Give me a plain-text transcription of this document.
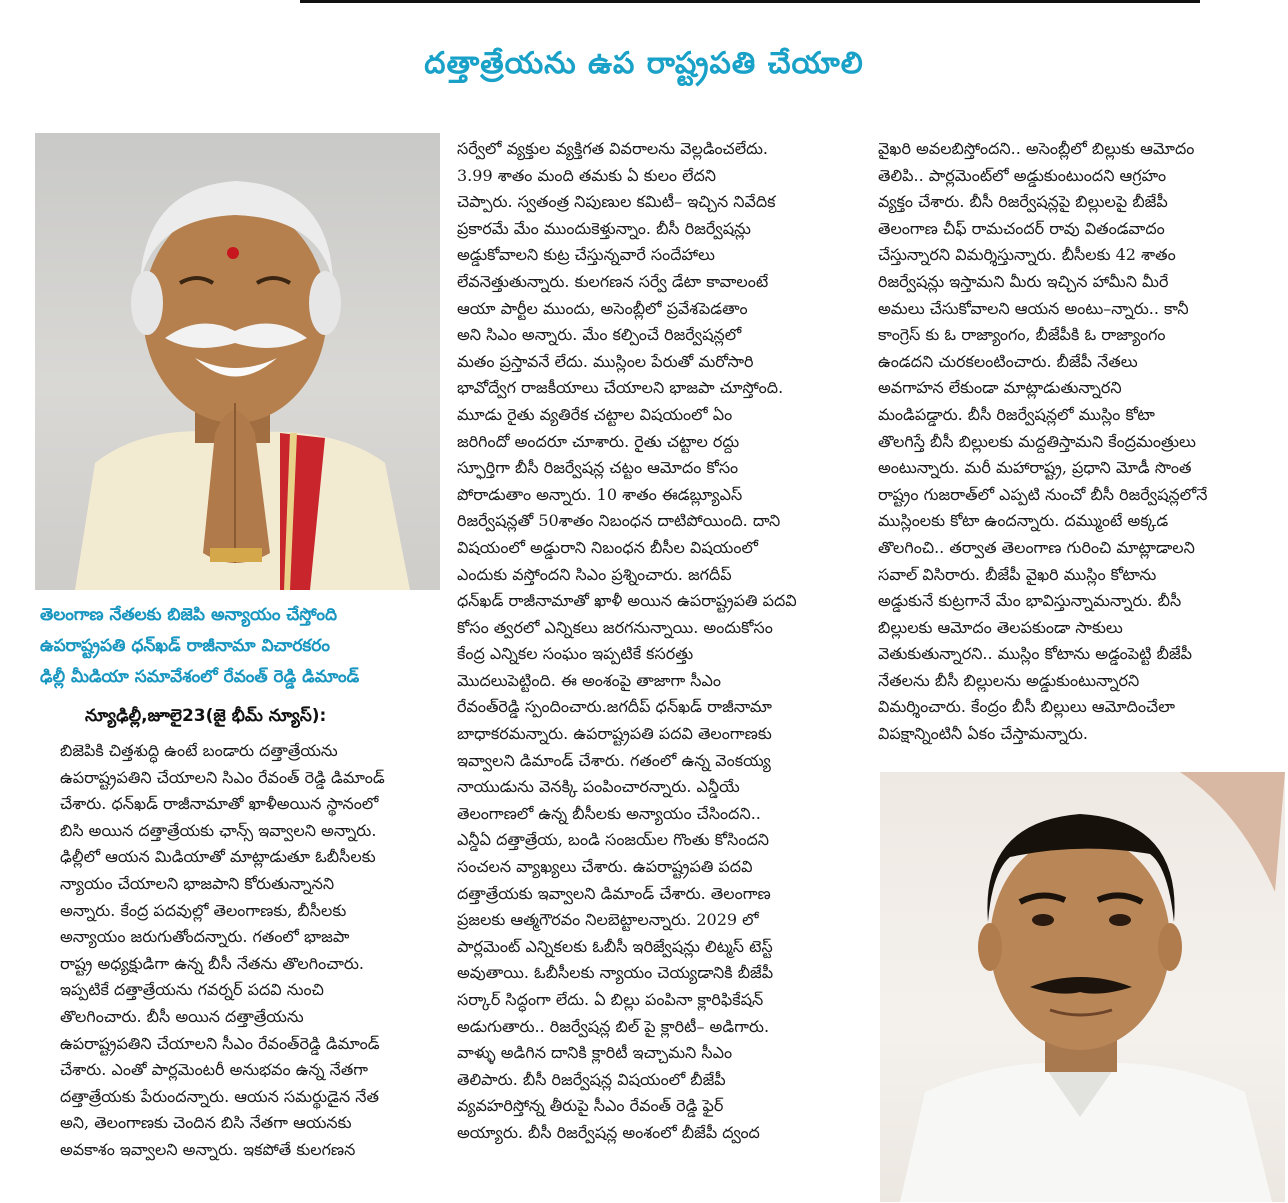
దత్తాత్రేయను ఉప రాష్ట్రపతి చేయాలి
తెలంగాణ నేతలకు బిజెపి అన్యాయం చేస్తోంది
ఉపరాష్ట్రపతి ధన్‌ఖడ్ రాజీనామా విచారకరం
ఢిల్లీ మీడియా సమావేశంలో రేవంత్ రెడ్డి డిమాండ్
న్యూఢిల్లీ,జూలై23(జై భీమ్ న్యూస్):

బిజెపికి చిత్తశుద్ధి ఉంటే బండారు దత్తాత్రేయను

ఉపరాష్ట్రపతిని చేయాలని సిఎం రేవంత్ రెడ్డి డిమాండ్

చేశారు. ధన్‌ఖడ్ రాజీనామాతో ఖాళీఅయిన స్థానంలో

బిసి అయిన దత్తాత్రేయకు ఛాన్స్ ఇవ్వాలని అన్నారు.

ఢిల్లీలో ఆయన మిడియాతో మాట్లాడుతూ ఓబీసీలకు

న్యాయం చేయాలని భాజపాని కోరుతున్నానని

అన్నారు. కేంద్ర పదవుల్లో తెలంగాణకు, బీసీలకు

అన్యాయం జరుగుతోందన్నారు. గతంలో భాజపా

రాష్ట్ర అధ్యక్షుడిగా ఉన్న బీసీ నేతను తొలగించారు.

ఇప్పటికే దత్తాత్రేయను గవర్నర్ పదవి నుంచి

తొలగించారు. బీసీ అయిన దత్తాత్రేయను

ఉపరాష్ట్రపతిని చేయాలని సీఎం రేవంత్‌రెడ్డి డిమాండ్

చేశారు. ఎంతో పార్లమెంటరీ అనుభవం ఉన్న నేతగా

దత్తాత్రేయకు పేరుందన్నారు. ఆయన సమర్థుడైన నేత

అని, తెలంగాణకు చెందిన బిసి నేతగా ఆయనకు

అవకాశం ఇవ్వాలని అన్నారు. ఇకపోతే కులగణన

సర్వేలో వ్యక్తుల వ్యక్తిగత వివరాలను వెల్లడించలేదు.

3.99 శాతం మంది తమకు ఏ కులం లేదని

చెప్పారు. స్వతంత్ర నిపుణుల కమిటీ– ఇచ్చిన నివేదిక

ప్రకారమే మేం ముందుకెళ్తున్నాం. బీసీ రిజర్వేషన్లు

అడ్డుకోవాలని కుట్ర చేస్తున్నవారే సందేహాలు

లేవనెత్తుతున్నారు. కులగణన సర్వే డేటా కావాలంటే

ఆయా పార్టీల ముందు, అసెంబ్లీలో ప్రవేశపెడతాం

అని సిఎం అన్నారు. మేం కల్పించే రిజర్వేషన్లలో

మతం ప్రస్తావనే లేదు. ముస్లింల పేరుతో మరోసారి

భావోద్వేగ రాజకీయాలు చేయాలని భాజపా చూస్తోంది.

మూడు రైతు వ్యతిరేక చట్టాల విషయంలో ఏం

జరిగిందో అందరూ చూశారు. రైతు చట్టాల రద్దు

స్ఫూర్తిగా బీసీ రిజర్వేషన్ల చట్టం ఆమోదం కోసం

పోరాడుతాం అన్నారు. 10 శాతం ఈడబ్ల్యూఎస్

రిజర్వేషన్లతో 50శాతం నిబంధన దాటిపోయింది. దాని

విషయంలో అడ్డురాని నిబంధన బీసీల విషయంలో

ఎందుకు వస్తోందని సిఎం ప్రశ్నించారు. జగదీప్

ధన్‌ఖడ్ రాజీనామాతో ఖాళీ అయిన ఉపరాష్ట్రపతి పదవి

కోసం త్వరలో ఎన్నికలు జరగనున్నాయి. అందుకోసం

కేంద్ర ఎన్నికల సంఘం ఇప్పటికే కసరత్తు

మొదలుపెట్టింది. ఈ అంశంపై తాజాగా సీఎం

రేవంత్‌రెడ్డి స్పందించారు.జగదీప్ ధన్‌ఖడ్ రాజీనామా

బాధాకరమన్నారు. ఉపరాష్ట్రపతి పదవి తెలంగాణకు

ఇవ్వాలని డిమాండ్ చేశారు. గతంలో ఉన్న వెంకయ్య

నాయుడును వెనక్కి పంపించారన్నారు. ఎన్డీయే

తెలంగాణలో ఉన్న బీసీలకు అన్యాయం చేసిందని..

ఎన్డీఏ దత్తాత్రేయ, బండి సంజయ్‌ల గొంతు కోసిందని

సంచలన వ్యాఖ్యలు చేశారు. ఉపరాష్ట్రపతి పదవి

దత్తాత్రేయకు ఇవ్వాలని డిమాండ్ చేశారు. తెలంగాణ

ప్రజలకు ఆత్మగౌరవం నిలబెట్టాలన్నారు. 2029 లో

పార్లమెంట్ ఎన్నికలకు ఓబీసీ ఇరిజ్వేషన్లు లిట్మస్ టెస్ట్

అవుతాయి. ఓబీసీలకు న్యాయం చెయ్యడానికి బీజేపీ

సర్కార్ సిద్ధంగా లేదు. ఏ బిల్లు పంపినా క్లారిఫికేషన్

అడుగుతారు.. రిజర్వేషన్ల బిల్ పై క్లారిటీ– అడిగారు.

వాళ్ళు అడిగిన దానికి క్లారిటీ ఇచ్చామని సీఎం

తెలిపారు. బీసీ రిజర్వేషన్ల విషయంలో బీజేపీ

వ్యవహరిస్తోన్న తీరుపై సీఎం రేవంత్ రెడ్డి ఫైర్

అయ్యారు. బీసీ రిజర్వేషన్ల అంశంలో బీజేపీ ద్వంద

వైఖరి అవలబిస్తోందని.. అసెంబ్లీలో బిల్లుకు ఆమోదం

తెలిపి.. పార్లమెంట్‌లో అడ్డుకుంటుందని ఆగ్రహం

వ్యక్తం చేశారు. బీసీ రిజర్వేషన్లపై బిల్లులపై బీజేపీ

తెలంగాణ చీఫ్ రామచందర్ రావు వితండవాదం

చేస్తున్నారని విమర్శిస్తున్నారు. బీసీలకు 42 శాతం

రిజర్వేషన్లు ఇస్తామని మీరు ఇచ్చిన హామీని మీరే

అమలు చేసుకోవాలని ఆయన అంటు–న్నారు.. కానీ

కాంగ్రెస్ కు ఓ రాజ్యాంగం, బీజేపీకి ఓ రాజ్యాంగం

ఉండదని చురకలంటించారు. బీజేపీ నేతలు

అవగాహన లేకుండా మాట్లాడుతున్నారని

మండిపడ్డారు. బీసీ రిజర్వేషన్లలో ముస్లిం కోటా

తొలగిస్తే బీసీ బిల్లులకు మద్దతిస్తామని కేంద్రమంత్రులు

అంటున్నారు. మరీ మహారాష్ట్ర, ప్రధాని మోడీ సొంత

రాష్ట్రం గుజరాత్‌లో ఎప్పటి నుంచో బీసీ రిజర్వేషన్లలోనే

ముస్లింలకు కోటా ఉందన్నారు. దమ్ముంటే అక్కడ

తొలగించి.. తర్వాత తెలంగాణ గురించి మాట్లాడాలని

సవాల్ విసిరారు. బీజేపీ వైఖరి ముస్లిం కోటాను

అడ్డుకునే కుట్రగానే మేం భావిస్తున్నామన్నారు. బీసీ

బిల్లులకు ఆమోదం తెలపకుండా సాకులు

వెతుకుతున్నారని.. ముస్లిం కోటాను అడ్డంపెట్టి బీజేపీ

నేతలను బీసీ బిల్లులను అడ్డుకుంటున్నారని

విమర్శించారు. కేంద్రం బీసీ బిల్లులు ఆమోదించేలా

విపక్షాన్నింటినీ ఏకం చేస్తామన్నారు.
